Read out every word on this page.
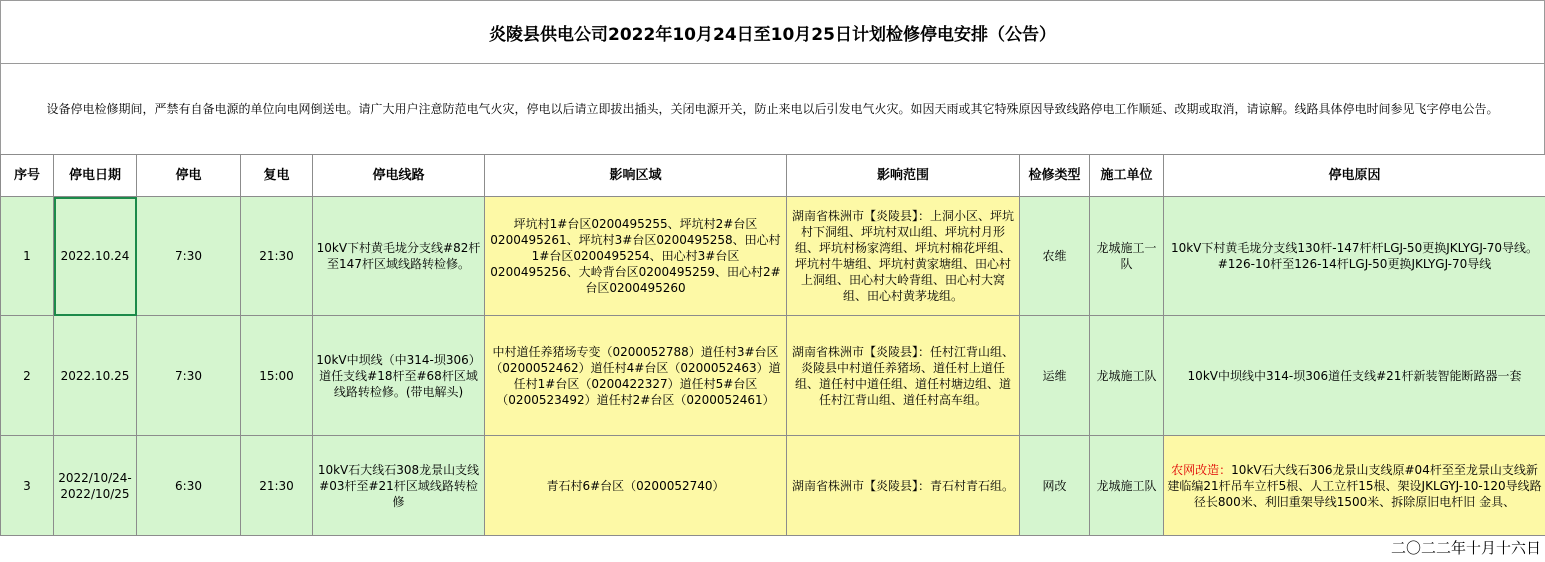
炎陵县供电公司2022年10月24日至10月25日计划检修停电安排（公告）
设备停电检修期间，严禁有自备电源的单位向电网倒送电。请广大用户注意防范电气火灾，停电以后请立即拔出插头，关闭电源开关，防止来电以后引发电气火灾。如因天雨或其它特殊原因导致线路停电工作顺延、改期或取消，请谅解。线路具体停电时间参见飞字停电公告。
序号	停电日期	停电	复电	停电线路	影响区域	影响范围	检修类型	施工单位	停电原因
1	2022.10.24	7:30	21:30	10kV下村黄毛垅分支线#82杆至147杆区域线路转检修。	坪坑村1#台区0200495255、坪坑村2#台区0200495261、坪坑村3#台区0200495258、田心村1#台区0200495254、田心村3#台区0200495256、大岭背台区0200495259、田心村2#台区0200495260	湖南省株洲市【炎陵县】：上洞小区、坪坑村下洞组、坪坑村双山组、坪坑村月形组、坪坑村杨家湾组、坪坑村棉花坪组、坪坑村牛塘组、坪坑村黄家塘组、田心村上洞组、田心村大岭背组、田心村大窝组、田心村黄茅垅组。	农维	龙城施工一队	10kV下村黄毛垅分支线130杆-147杆杆LGJ-50更换JKLYGJ-70导线。#126-10杆至126-14杆LGJ-50更换JKLYGJ-70导线
2	2022.10.25	7:30	15:00	10kV中坝线（中314-坝306）道任支线#18杆至#68杆区域线路转检修。(带电解头)	中村道任养猪场专变（0200052788）道任村3#台区（0200052462）道任村4#台区（0200052463）道任村1#台区（0200422327）道任村5#台区（0200523492）道任村2#台区（0200052461）	湖南省株洲市【炎陵县】：任村江背山组、炎陵县中村道任养猪场、道任村上道任组、道任村中道任组、道任村塘边组、道任村江背山组、道任村高车组。	运维	龙城施工队	10kV中坝线中314-坝306道任支线#21杆新装智能断路器一套
3	2022/10/24-2022/10/25	6:30	21:30	10kV石大线石308龙景山支线#03杆至#21杆区域线路转检修	青石村6#台区（0200052740）	湖南省株洲市【炎陵县】：青石村青石组。	网改	龙城施工队	农网改造：10kV石大线石306龙景山支线原#04杆至至龙景山支线新建临编21杆吊车立杆5根、人工立杆15根、架设JKLGYJ-10-120导线路径长800米、利旧重架导线1500米、拆除原旧电杆旧 金具、
二〇二二年十月十六日
